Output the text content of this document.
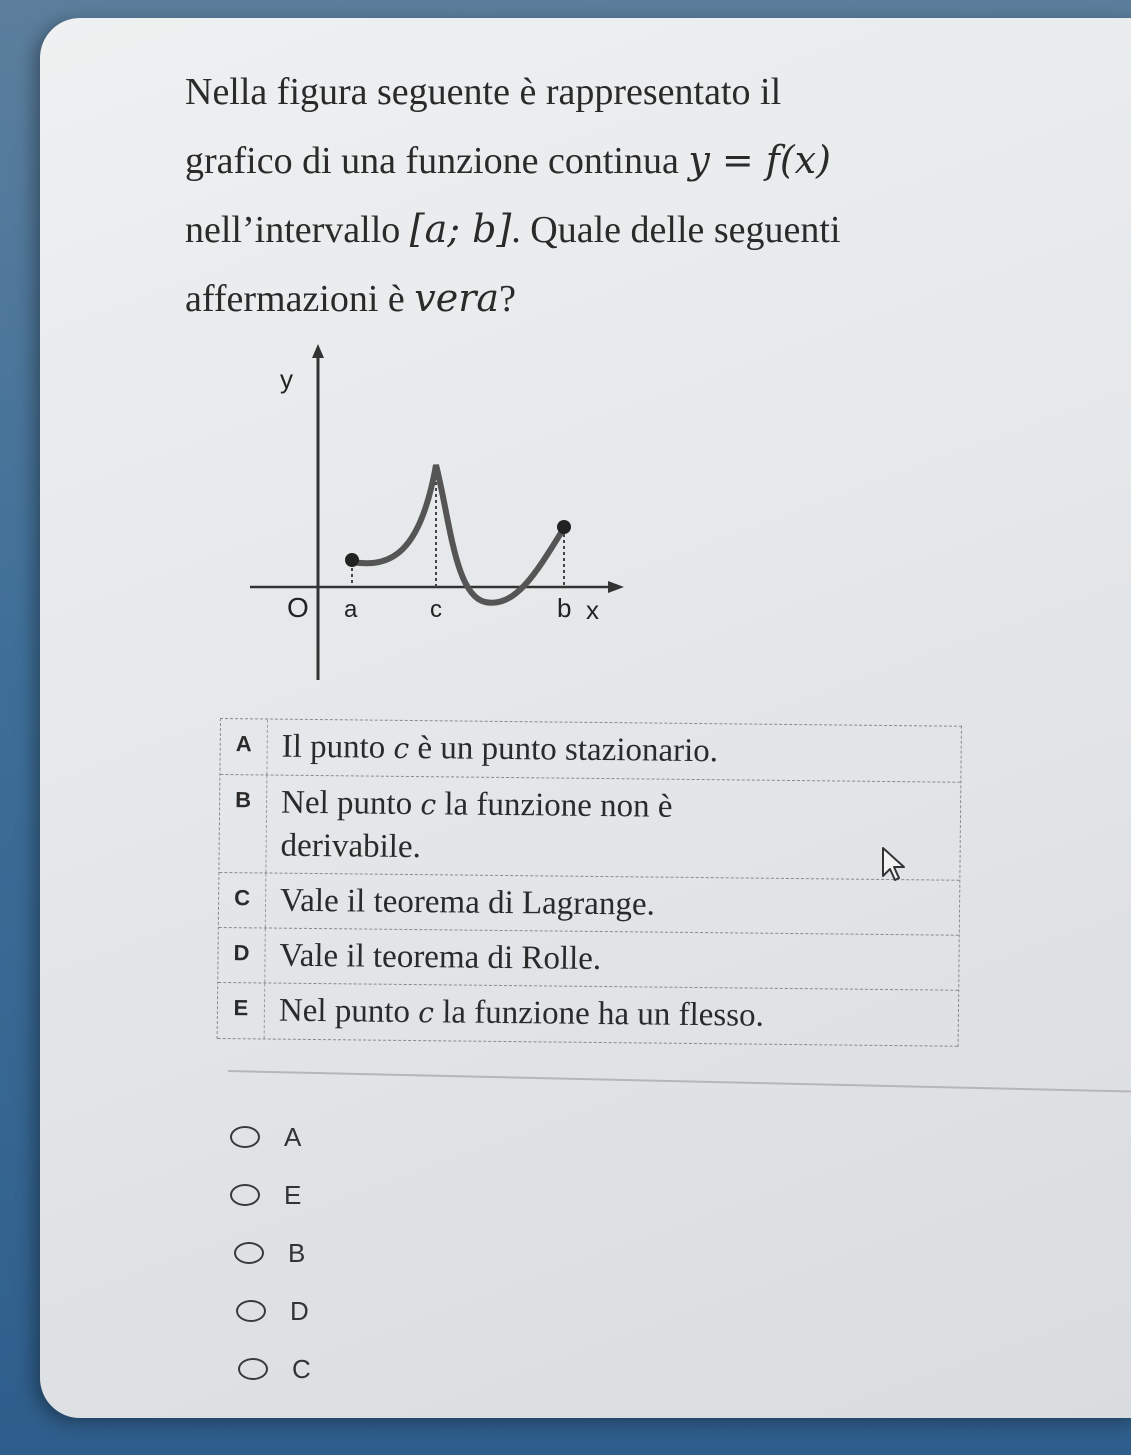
Nella figura seguente è rappresentato il
grafico di una funzione continua y = f(x)
nell’intervallo [a; b]. Quale delle seguenti
affermazioni è vera?
y
O a	c	b x
A Il punto c è un punto stazionario.
B Nel punto c la funzione non è derivabile.
C Vale il teorema di Lagrange.
D Vale il teorema di Rolle.
E Nel punto c la funzione ha un flesso.
A
E
B
D
C
